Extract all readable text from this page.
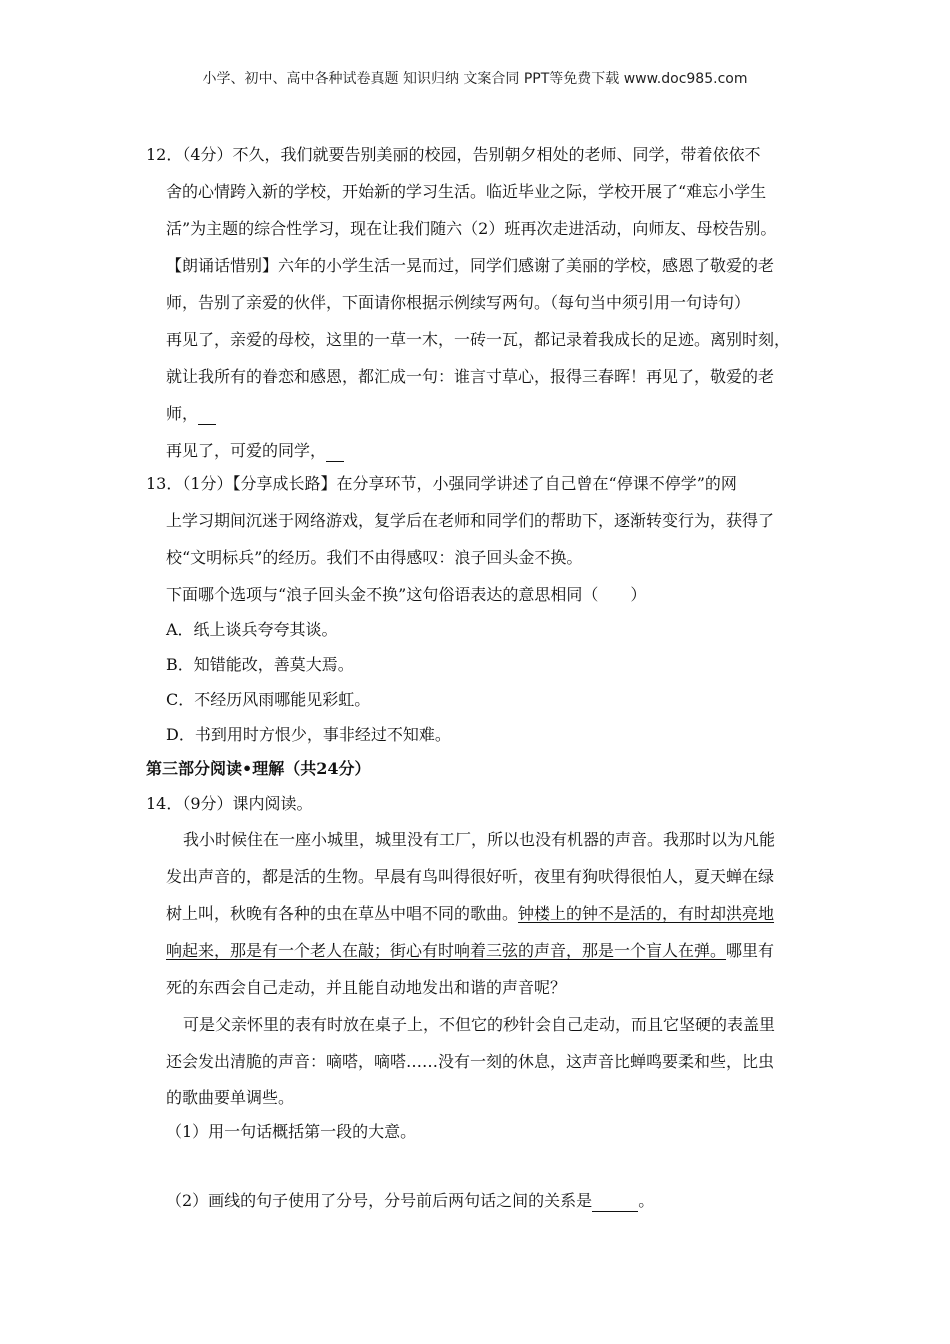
小学、初中、高中各种试卷真题 知识归纳 文案合同 PPT等免费下载 www.doc985.com
12．（4分）不久，我们就要告别美丽的校园，告别朝夕相处的老师、同学，带着依依不
舍的心情跨入新的学校，开始新的学习生活。临近毕业之际，学校开展了“难忘小学生
活”为主题的综合性学习，现在让我们随六（2）班再次走进活动，向师友、母校告别。
【朗诵话惜别】六年的小学生活一晃而过，同学们感谢了美丽的学校，感恩了敬爱的老
师，告别了亲爱的伙伴，下面请你根据示例续写两句。（每句当中须引用一句诗句）
再见了，亲爱的母校，这里的一草一木，一砖一瓦，都记录着我成长的足迹。离别时刻，
就让我所有的眷恋和感恩，都汇成一句：谁言寸草心，报得三春晖！再见了，敬爱的老
师，
再见了，可爱的同学，
13．（1分）【分享成长路】在分享环节，小强同学讲述了自己曾在“停课不停学”的网
上学习期间沉迷于网络游戏，复学后在老师和同学们的帮助下，逐渐转变行为，获得了
校“文明标兵”的经历。我们不由得感叹：浪子回头金不换。
下面哪个选项与“浪子回头金不换”这句俗语表达的意思相同（　　）
A．纸上谈兵夸夸其谈。
B．知错能改，善莫大焉。
C．不经历风雨哪能见彩虹。
D．书到用时方恨少，事非经过不知难。
第三部分阅读•理解（共24分）
14．（9分）课内阅读。
我小时候住在一座小城里，城里没有工厂，所以也没有机器的声音。我那时以为凡能
发出声音的，都是活的生物。早晨有鸟叫得很好听，夜里有狗吠得很怕人，夏天蝉在绿
树上叫，秋晚有各种的虫在草丛中唱不同的歌曲。钟楼上的钟不是活的，有时却洪亮地
响起来，那是有一个老人在敲；街心有时响着三弦的声音，那是一个盲人在弹。哪里有
死的东西会自己走动，并且能自动地发出和谐的声音呢？
可是父亲怀里的表有时放在桌子上，不但它的秒针会自己走动，而且它坚硬的表盖里
还会发出清脆的声音：嘀嗒，嘀嗒……没有一刻的休息，这声音比蝉鸣要柔和些，比虫
的歌曲要单调些。
（1）用一句话概括第一段的大意。
（2）画线的句子使用了分号，分号前后两句话之间的关系是	。
